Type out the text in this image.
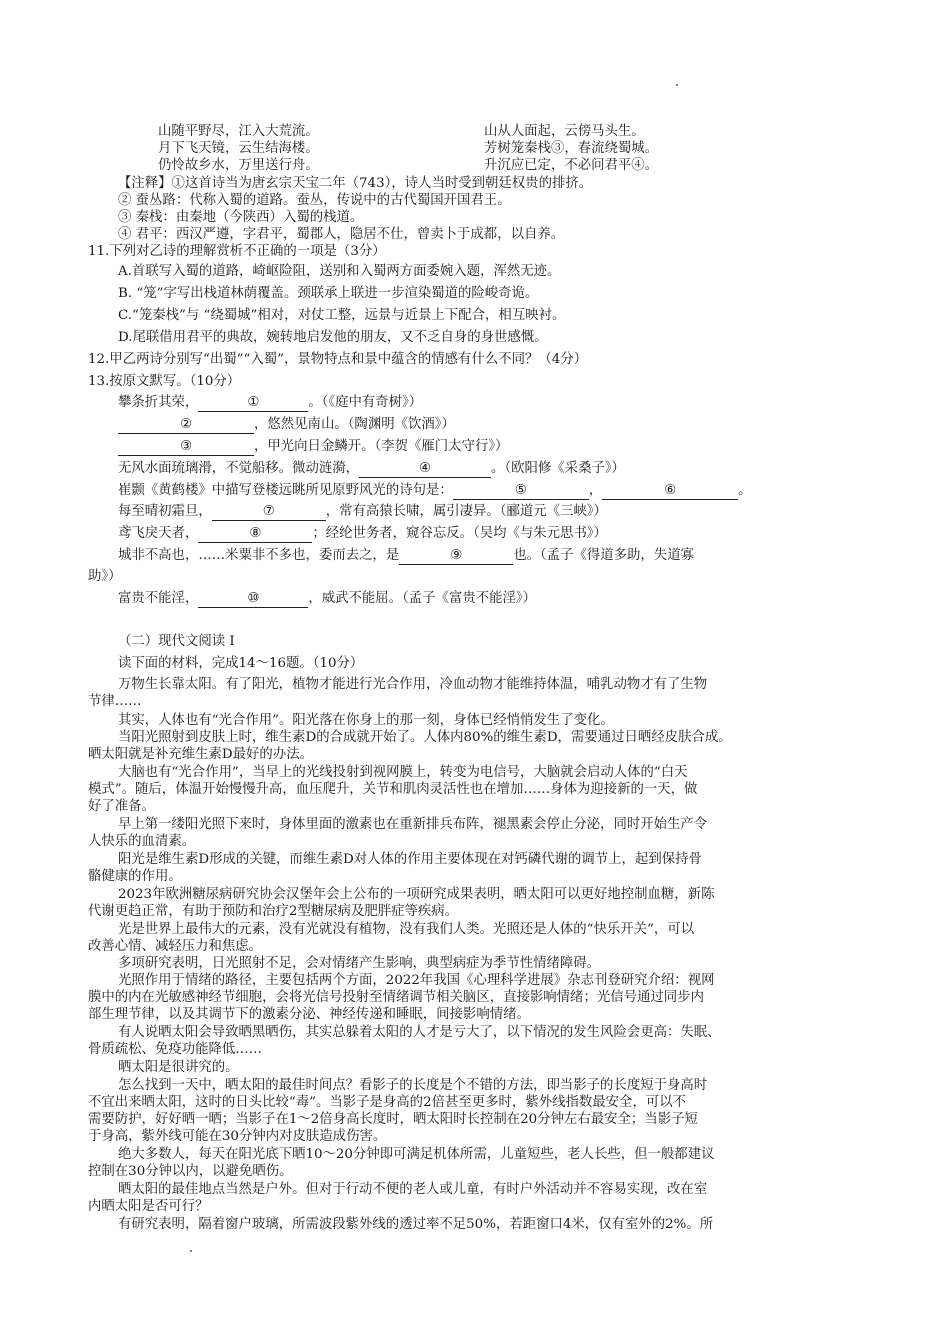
山随平野尽，江入大荒流。	山从人面起，云傍马头生。

月下飞天镜，云生结海楼。	芳树笼秦栈③，春流绕蜀城。

仍怜故乡水，万里送行舟。	升沉应已定，不必问君平④。

【注释】①这首诗当为唐玄宗天宝二年（743），诗人当时受到朝廷权贵的排挤。

② 蚕丛路：代称入蜀的道路。蚕丛，传说中的古代蜀国开国君王。

③ 秦栈：由秦地（今陕西）入蜀的栈道。

④ 君平：西汉严遵，字君平，蜀郡人，隐居不仕，曾卖卜于成都，以自养。

11.下列对乙诗的理解赏析不正确的一项是（3分）

A.首联写入蜀的道路，崎岖险阻，送别和入蜀两方面委婉入题，浑然无迹。

B. “笼”字写出栈道林荫覆盖。颈联承上联进一步渲染蜀道的险峻奇诡。

C.“笼秦栈”与 “绕蜀城”相对，对仗工整，远景与近景上下配合，相互映衬。

D.尾联借用君平的典故，婉转地启发他的朋友，又不乏自身的身世感慨。

12.甲乙两诗分别写“出蜀”“入蜀”，景物特点和景中蕴含的情感有什么不同？（4分）

13.按原文默写。（10分）

攀条折其荣，	①	。（《庭中有奇树》）

②	，悠然见南山。（陶渊明《饮酒》）

③	，甲光向日金鳞开。（李贺《雁门太守行》）

无风水面琉璃滑，不觉船移。微动涟漪，	④	。（欧阳修《采桑子》）

崔颢《黄鹤楼》中描写登楼远眺所见原野风光的诗句是：	⑤	，	⑥	。

每至晴初霜旦，	⑦	，常有高猿长啸，属引凄异。（郦道元《三峡》）

鸢飞戾天者，	⑧	；经纶世务者，窥谷忘反。（吴均《与朱元思书》）

城非不高也，……米粟非不多也，委而去之，是	⑨	也。（孟子《得道多助，失道寡

助》）

富贵不能淫，	⑩	，威武不能屈。（孟子《富贵不能淫》）

（二）现代文阅读 I

读下面的材料，完成14～16题。（10分）

万物生长靠太阳。有了阳光，植物才能进行光合作用，冷血动物才能维持体温，哺乳动物才有了生物

节律……

其实，人体也有“光合作用”。阳光落在你身上的那一刻，身体已经悄悄发生了变化。

当阳光照射到皮肤上时，维生素D的合成就开始了。人体内80%的维生素D，需要通过日晒经皮肤合成。

晒太阳就是补充维生素D最好的办法。

大脑也有“光合作用”，当早上的光线投射到视网膜上，转变为电信号，大脑就会启动人体的“白天

模式”。随后，体温开始慢慢升高，血压爬升，关节和肌肉灵活性也在增加……身体为迎接新的一天，做

好了准备。

早上第一缕阳光照下来时，身体里面的激素也在重新排兵布阵，褪黑素会停止分泌，同时开始生产令

人快乐的血清素。

阳光是维生素D形成的关键，而维生素D对人体的作用主要体现在对钙磷代谢的调节上，起到保持骨

骼健康的作用。

2023年欧洲糖尿病研究协会汉堡年会上公布的一项研究成果表明，晒太阳可以更好地控制血糖，新陈

代谢更趋正常，有助于预防和治疗2型糖尿病及肥胖症等疾病。

光是世界上最伟大的元素，没有光就没有植物，没有我们人类。光照还是人体的“快乐开关”，可以

改善心情、减轻压力和焦虑。

多项研究表明，日光照射不足，会对情绪产生影响，典型病症为季节性情绪障碍。

光照作用于情绪的路径，主要包括两个方面，2022年我国《心理科学进展》杂志刊登研究介绍：视网

膜中的内在光敏感神经节细胞，会将光信号投射至情绪调节相关脑区，直接影响情绪；光信号通过同步内

部生理节律，以及其调节下的激素分泌、神经传递和睡眠，间接影响情绪。

有人说晒太阳会导致晒黑晒伤，其实总躲着太阳的人才是亏大了，以下情况的发生风险会更高：失眠、

骨质疏松、免疫功能降低……

晒太阳是很讲究的。

怎么找到一天中，晒太阳的最佳时间点？看影子的长度是个不错的方法，即当影子的长度短于身高时

不宜出来晒太阳，这时的日头比较“毒”。当影子是身高的2倍甚至更多时，紫外线指数最安全，可以不

需要防护，好好晒一晒；当影子在1～2倍身高长度时，晒太阳时长控制在20分钟左右最安全；当影子短

于身高，紫外线可能在30分钟内对皮肤造成伤害。

绝大多数人，每天在阳光底下晒10～20分钟即可满足机体所需，儿童短些，老人长些，但一般都建议

控制在30分钟以内，以避免晒伤。

晒太阳的最佳地点当然是户外。但对于行动不便的老人或儿童，有时户外活动并不容易实现，改在室

内晒太阳是否可行？

有研究表明，隔着窗户玻璃，所需波段紫外线的透过率不足50%，若距窗口4米，仅有室外的2%。所
